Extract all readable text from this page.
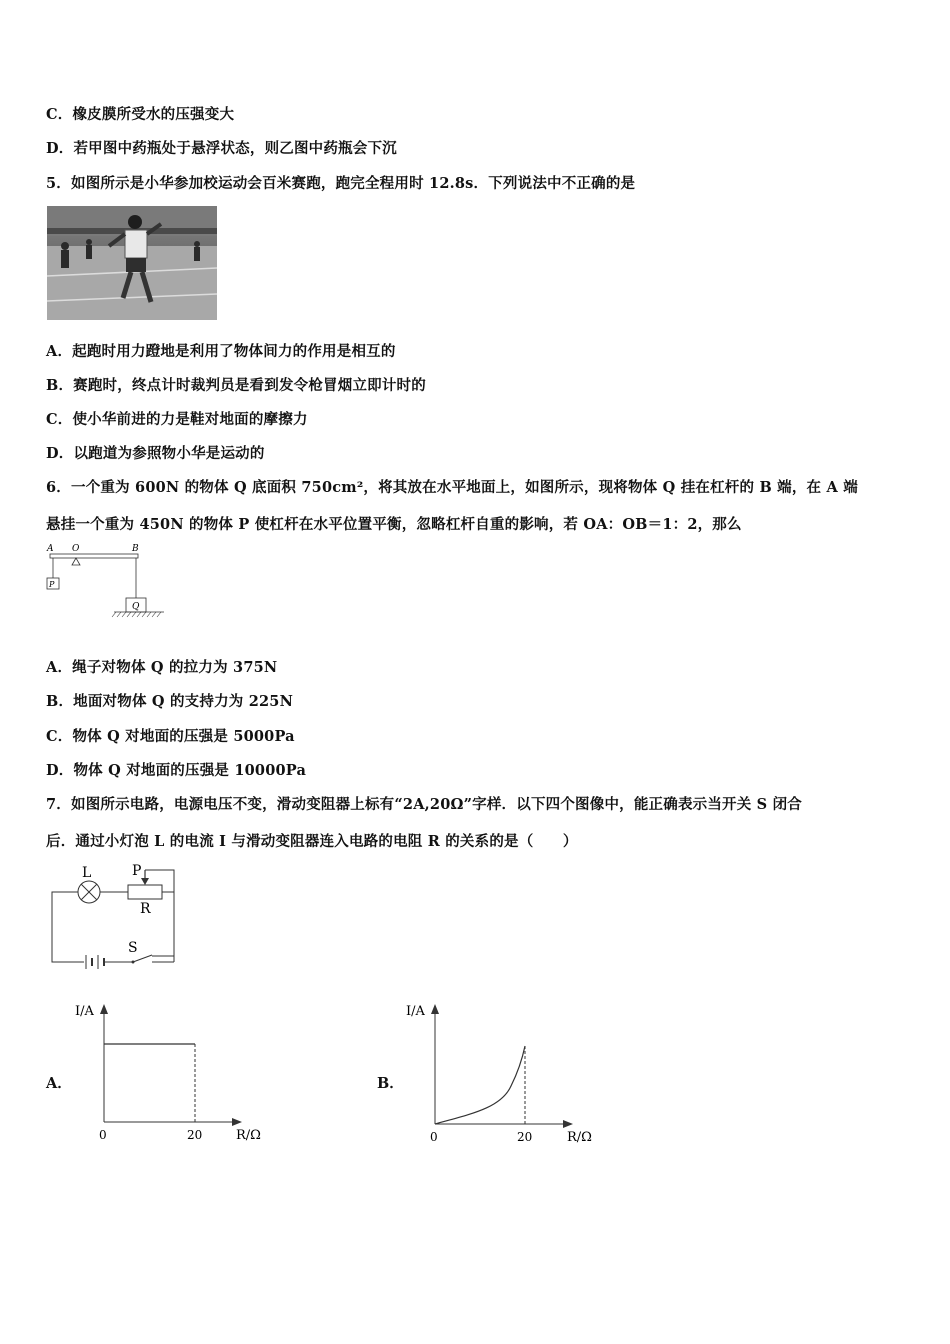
C．橡皮膜所受水的压强变大
D．若甲图中药瓶处于悬浮状态，则乙图中药瓶会下沉
5．如图所示是小华参加校运动会百米赛跑，跑完全程用时 12.8s．下列说法中不正确的是
A．起跑时用力蹬地是利用了物体间力的作用是相互的
B．赛跑时，终点计时裁判员是看到发令枪冒烟立即计时的
C．使小华前进的力是鞋对地面的摩擦力
D．以跑道为参照物小华是运动的
6．一个重为 600N 的物体 Q 底面积 750cm²，将其放在水平地面上，如图所示，现将物体 Q 挂在杠杆的 B 端，在 A 端
悬挂一个重为 450N 的物体 P 使杠杆在水平位置平衡，忽略杠杆自重的影响，若 OA：OB＝1：2，那么
A O	B
P
Q
A．绳子对物体 Q 的拉力为 375N
B．地面对物体 Q 的支持力为 225N
C．物体 Q 对地面的压强是 5000Pa
D．物体 Q 对地面的压强是 10000Pa
7．如图所示电路，电源电压不变，滑动变阻器上标有“2A,20Ω”字样．以下四个图像中，能正确表示当开关 S 闭合
后．通过小灯泡 L 的电流 I 与滑动变阻器连入电路的电阻 R 的关系的是（　　）
L	P
R
S
A．
I/A
0	20	R/Ω
B．
I/A
0	20	R/Ω
